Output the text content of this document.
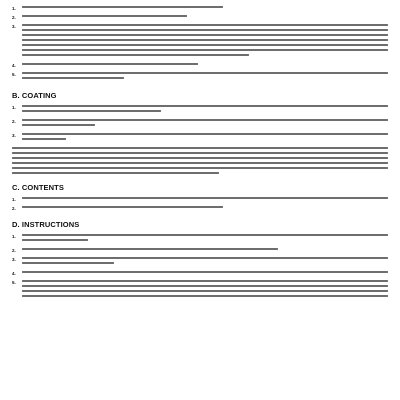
1.
2.
3.
4.
5.
B. COATING
1.
2.
3.
C. CONTENTS
1.
2.
D. INSTRUCTIONS
1.
2.
3.
4.
5.
